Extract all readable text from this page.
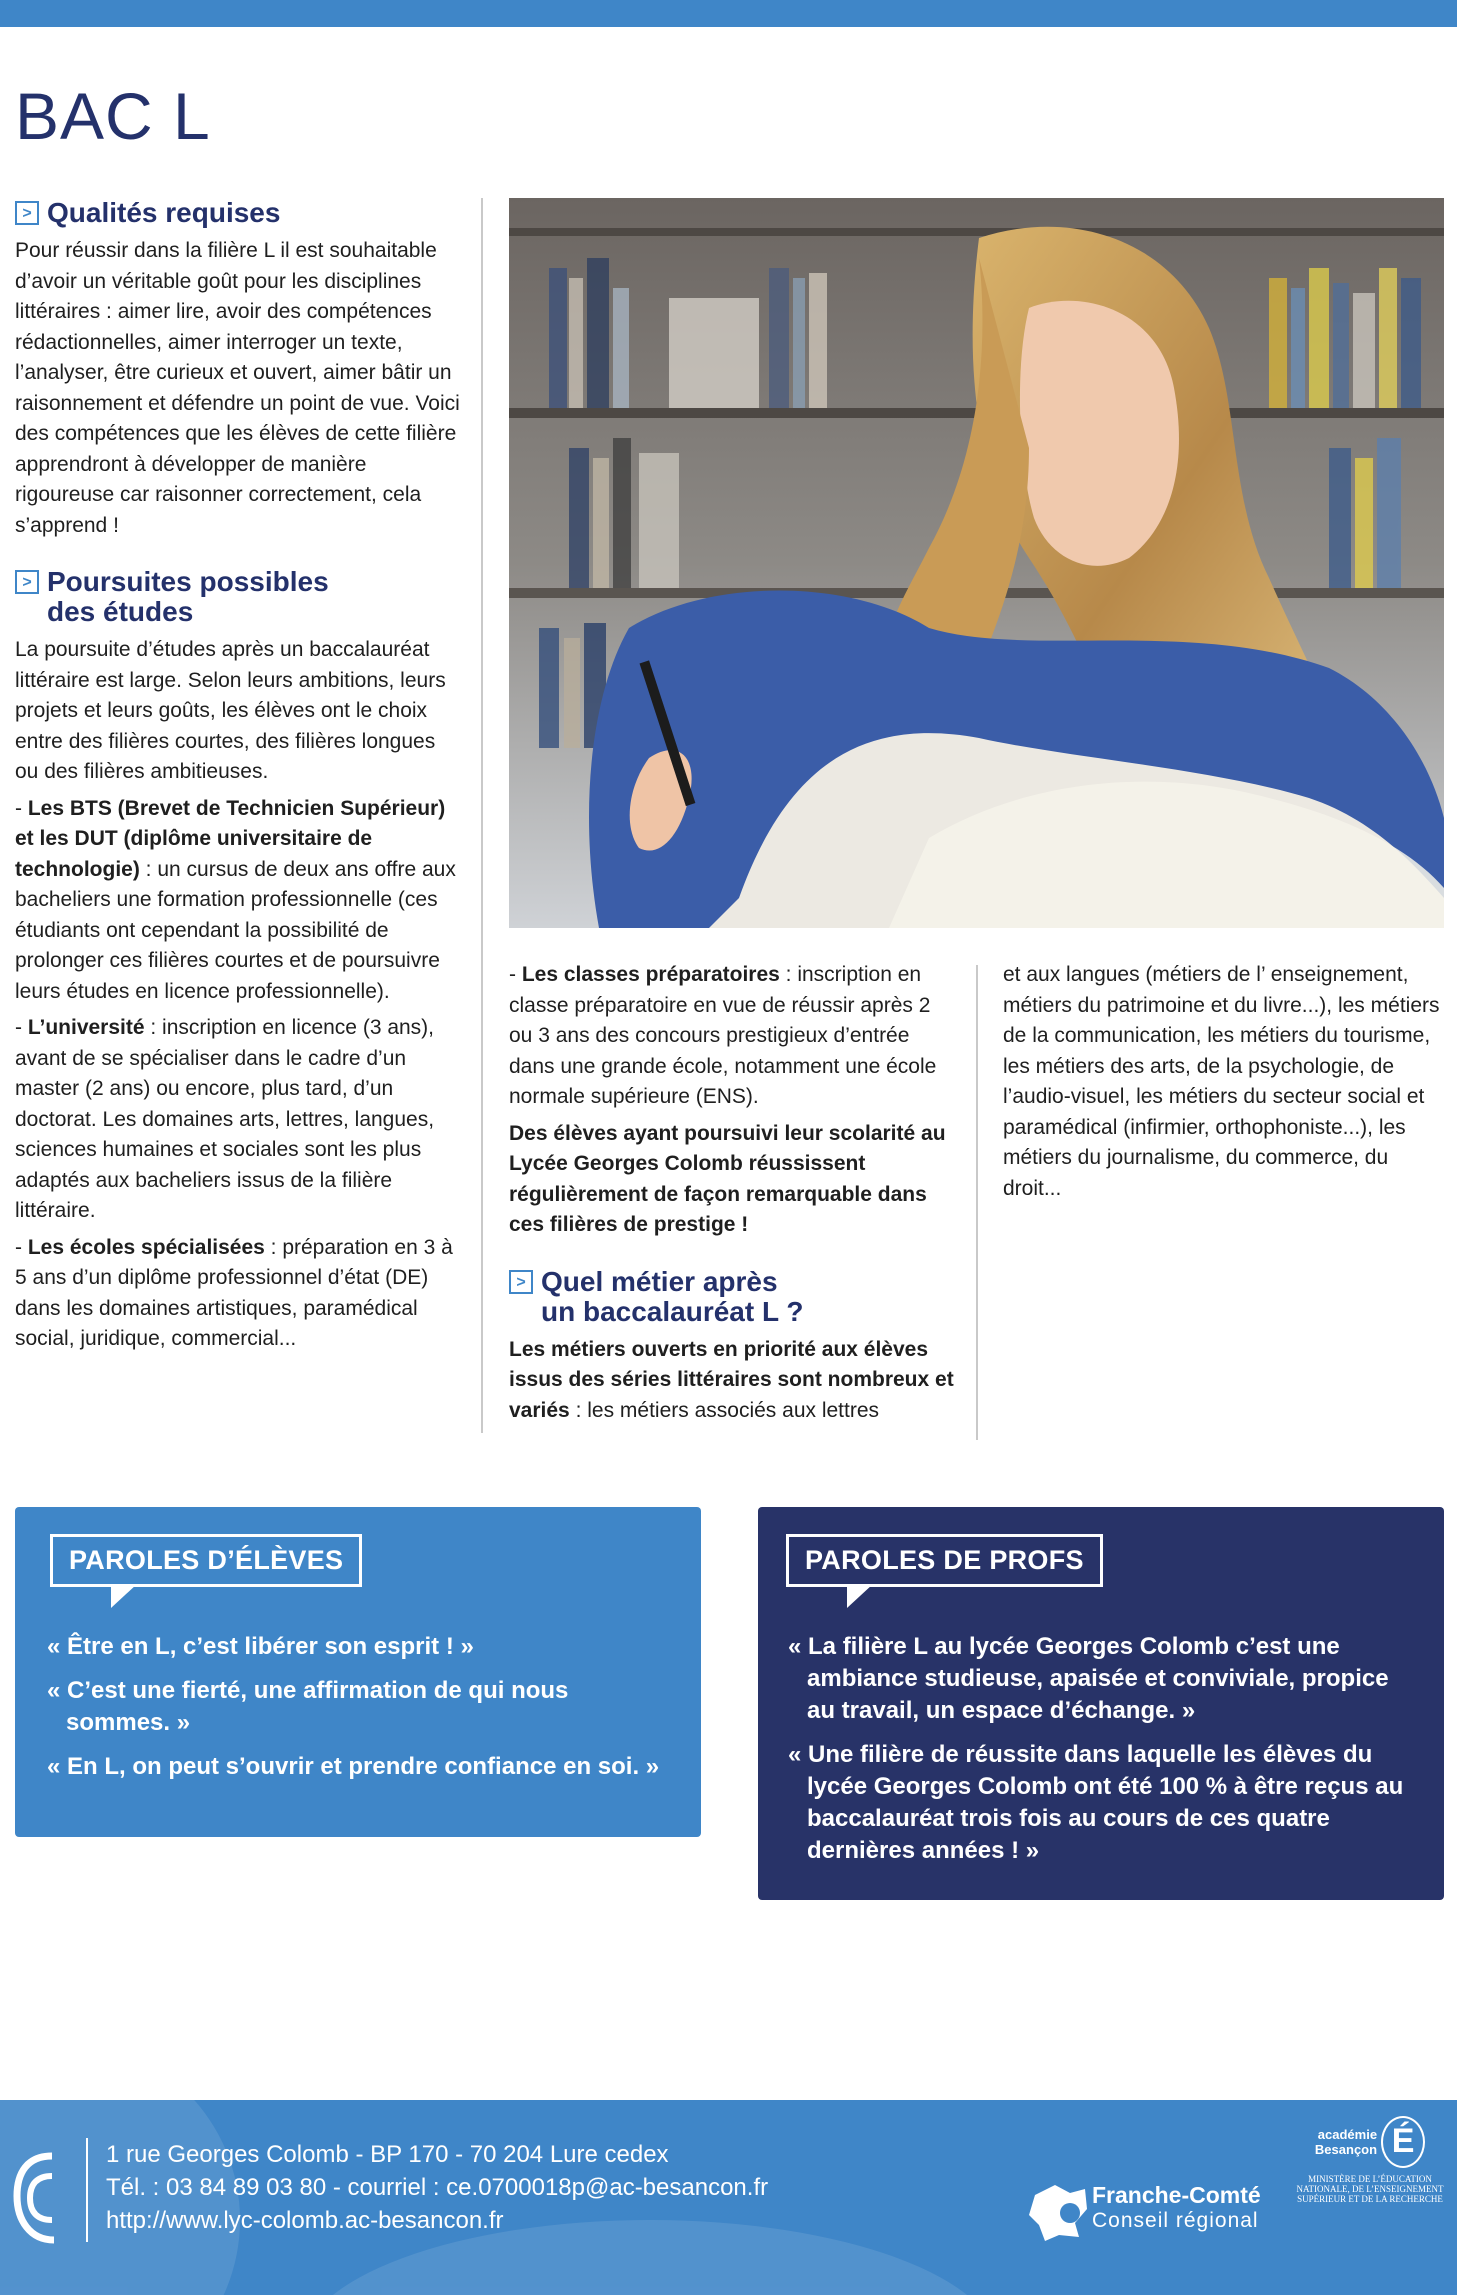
BAC L
> Qualités requises

Pour réussir dans la filière L il est souhaitable d’avoir un véritable goût pour les disciplines littéraires : aimer lire, avoir des compétences rédactionnelles, aimer interroger un texte, l’analyser, être curieux et ouvert, aimer bâtir un raisonnement et défendre un point de vue. Voici des compétences que les élèves de cette filière apprendront à développer de manière rigoureuse car raisonner correctement, cela s’apprend !

> Poursuites possibles
des études

La poursuite d’études après un baccalauréat littéraire est large. Selon leurs ambitions, leurs projets et leurs goûts, les élèves ont le choix entre des filières courtes, des filières longues ou des filières ambitieuses.

- Les BTS (Brevet de Technicien Supérieur) et les DUT (diplôme universitaire de technologie) : un cursus de deux ans offre aux bacheliers une formation professionnelle (ces étudiants ont cependant la possibilité de prolonger ces filières courtes et de poursuivre leurs études en licence professionnelle).

- L’université : inscription en licence (3 ans), avant de se spécialiser dans le cadre d’un master (2 ans) ou encore, plus tard, d’un doctorat. Les domaines arts, lettres, langues, sciences humaines et sociales sont les plus adaptés aux bacheliers issus de la filière littéraire.

- Les écoles spécialisées : préparation en 3 à 5 ans d’un diplôme professionnel d’état (DE) dans les domaines artistiques, paramédical social, juridique, commercial...

- Les classes préparatoires : inscription en classe préparatoire en vue de réussir après 2 ou 3 ans des concours prestigieux d’entrée dans une grande école, notamment une école normale supérieure (ENS).

Des élèves ayant poursuivi leur scolarité au Lycée Georges Colomb réussissent régulièrement de façon remarquable dans ces filières de prestige !

> Quel métier après
un baccalauréat L ?

Les métiers ouverts en priorité aux élèves issus des séries littéraires sont nombreux et variés : les métiers associés aux lettres

et aux langues (métiers de l’ enseignement, métiers du patrimoine et du livre...), les métiers de la communication, les métiers du tourisme, les métiers des arts, de la psychologie, de l’audio-visuel, les métiers du secteur social et paramédical (infirmier, orthophoniste...), les métiers du journalisme, du commerce, du droit...

PAROLES D’ÉLÈVES

« Être en L, c’est libérer son esprit ! »

« C’est une fierté, une affirmation de qui nous sommes. »

« En L, on peut s’ouvrir et prendre confiance en soi. »

PAROLES DE PROFS

« La filière L au lycée Georges Colomb c’est une ambiance studieuse, apaisée et conviviale, propice au travail, un espace d’échange. »

« Une filière de réussite dans laquelle les élèves du lycée Georges Colomb ont été 100 % à être reçus au baccalauréat trois fois au cours de ces quatre dernières années ! »

1 rue Georges Colomb - BP 170 - 70 204 Lure cedex
Tél. : 03 84 89 03 80 - courriel : ce.0700018p@ac-besancon.fr
http://www.lyc-colomb.ac-besancon.fr
Franche-Comté
Conseil régional
académie
Besançon É
MINISTÈRE DE L’ÉDUCATION NATIONALE, DE L’ENSEIGNEMENT SUPÉRIEUR ET DE LA RECHERCHE
